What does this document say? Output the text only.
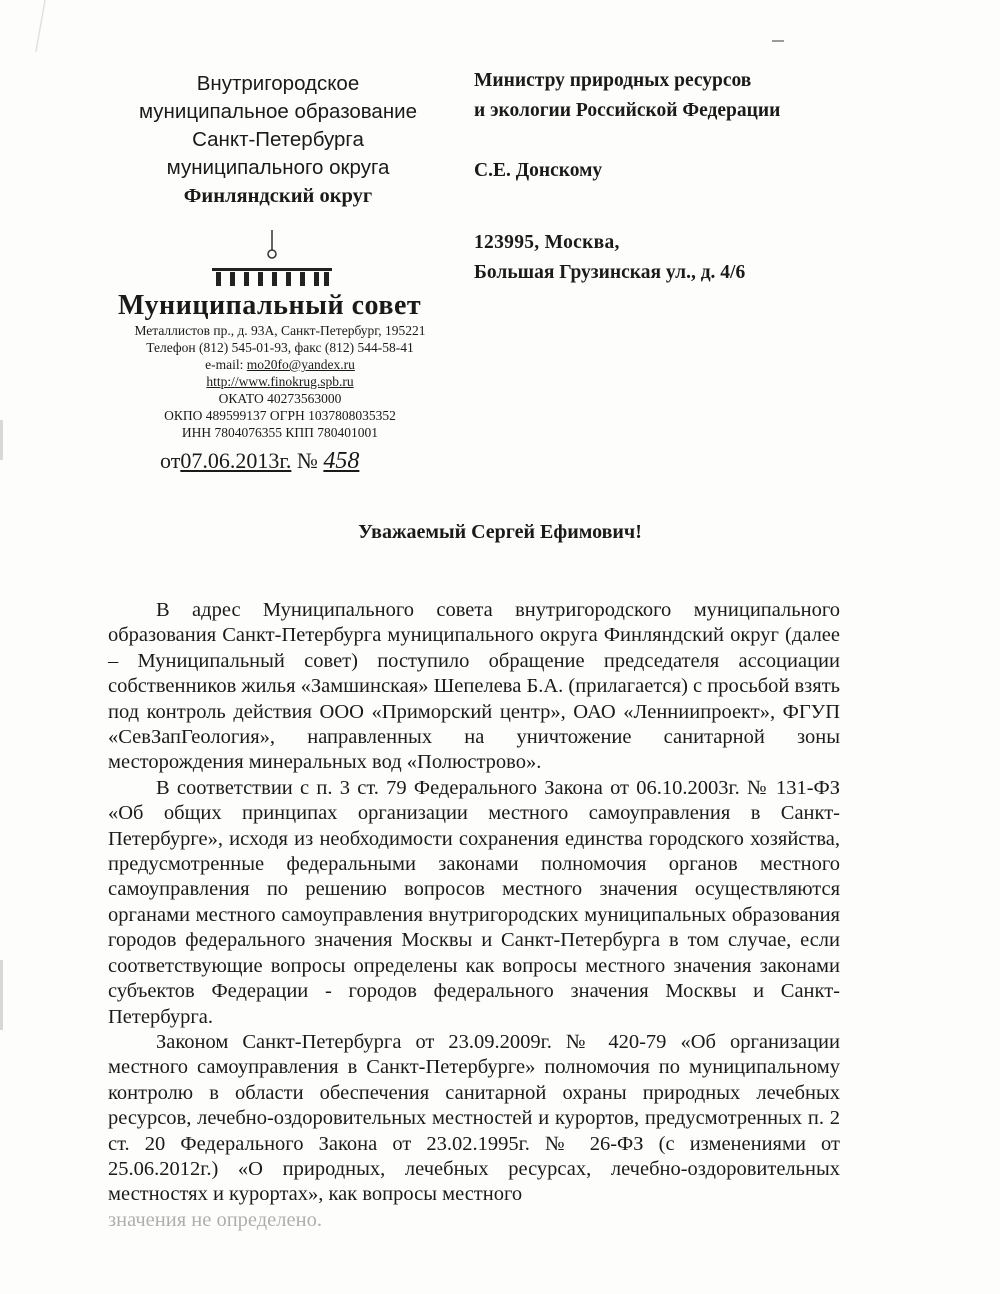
Внутригородское

муниципальное образование

Санкт-Петербурга

муниципального округа

Финляндский округ

Муниципальный совет
Металлистов пр., д. 93А, Санкт-Петербург, 195221
Телефон (812) 545-01-93, факс (812) 544-58-41
e-mail: mo20fo@yandex.ru
http://www.finokrug.spb.ru
ОКАТО 40273563000
ОКПО 489599137 ОГРН 1037808035352
ИНН 7804076355 КПП 780401001
от07.06.2013г. № 458

Министру природных ресурсов

и экологии Российской Федерации

С.Е. Донскому

123995, Москва,

Большая Грузинская ул., д. 4/6

Уважаемый Сергей Ефимович!

В адрес Муниципального совета внутригородского муниципального образования Санкт-Петербурга муниципального округа Финляндский округ (далее – Муниципальный совет) поступило обращение председателя ассоциации собственников жилья «Замшинская» Шепелева Б.А. (прилагается) с просьбой взять под контроль действия ООО «Приморский центр», ОАО «Ленниипроект», ФГУП «СевЗапГеология», направленных на уничтожение санитарной зоны месторождения минеральных вод «Полюстрово».

В соответствии с п. 3 ст. 79 Федерального Закона от 06.10.2003г. № 131-ФЗ «Об общих принципах организации местного самоуправления в Санкт-Петербурге», исходя из необходимости сохранения единства городского хозяйства, предусмотренные федеральными законами полномочия органов местного самоуправления по решению вопросов местного значения осуществляются органами местного самоуправления внутригородских муниципальных образования городов федерального значения Москвы и Санкт-Петербурга в том случае, если соответствующие вопросы определены как вопросы местного значения законами субъектов Федерации - городов федерального значения Москвы и Санкт-Петербурга.

Законом Санкт-Петербурга от 23.09.2009г. № 420-79 «Об организации местного самоуправления в Санкт-Петербурге» полномочия по муниципальному контролю в области обеспечения санитарной охраны природных лечебных ресурсов, лечебно-оздоровительных местностей и курортов, предусмотренных п. 2 ст. 20 Федерального Закона от 23.02.1995г. № 26-ФЗ (с изменениями от 25.06.2012г.) «О природных, лечебных ресурсах, лечебно-оздоровительных местностях и курортах», как вопросы местного

значения не определено.
